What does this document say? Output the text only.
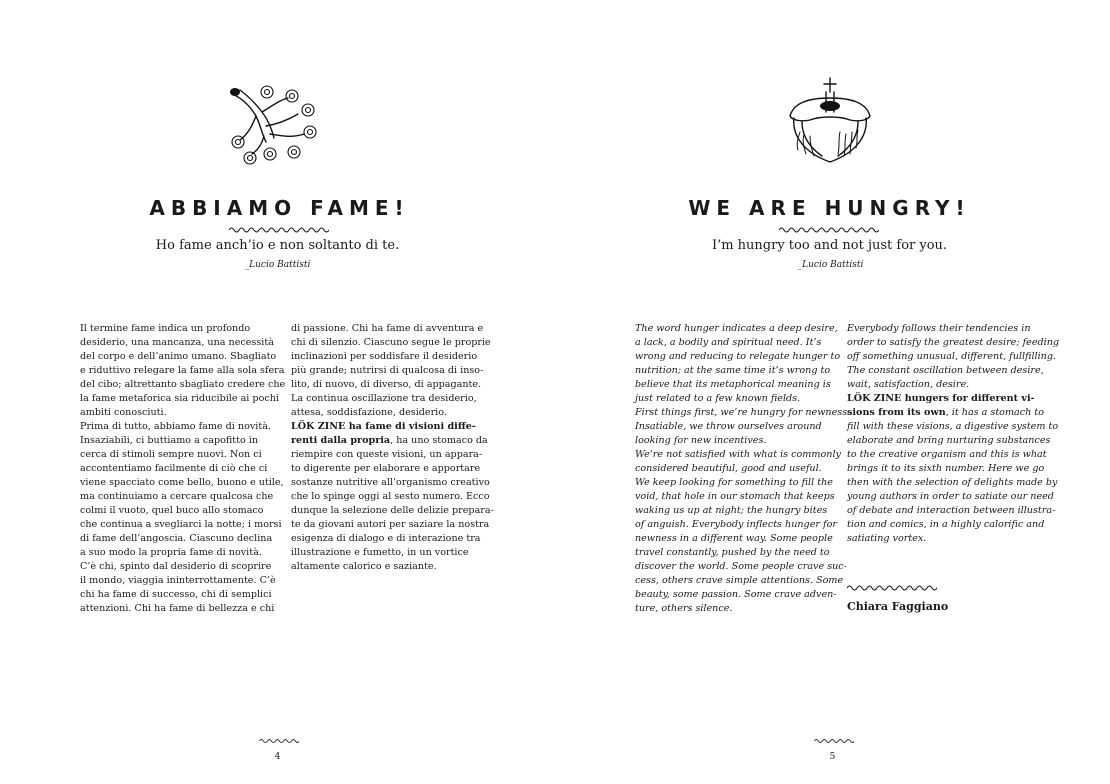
ABBIAMO FAME!
Ho fame anch’io e non soltanto di te.
_Lucio Battisti
Il termine fame indica un profondo
desiderio, una mancanza, una necessità
del corpo e dell’animo umano. Sbagliato
e riduttivo relegare la fame alla sola sfera
del cibo; altrettanto sbagliato credere che
la fame metaforica sia riducibile ai pochi
ambiti conosciuti.
Prima di tutto, abbiamo fame di novità.
Insaziabili, ci buttiamo a capofitto in
cerca di stimoli sempre nuovi. Non ci
accontentiamo facilmente di ciò che ci
viene spacciato come bello, buono e utile,
ma continuiamo a cercare qualcosa che
colmi il vuoto, quel buco allo stomaco
che continua a svegliarci la notte; i morsi
di fame dell’angoscia. Ciascuno declina
a suo modo la propria fame di novità.
C’è chi, spinto dal desiderio di scoprire
il mondo, viaggia ininterrottamente. C’è
chi ha fame di successo, chi di semplici
attenzioni. Chi ha fame di bellezza e chi
di passione. Chi ha fame di avventura e
chi di silenzio. Ciascuno segue le proprie
inclinazioni per soddisfare il desiderio
più grande; nutrirsi di qualcosa di inso-
lito, di nuovo, di diverso, di appagante.
La continua oscillazione tra desiderio,
attesa, soddisfazione, desiderio.
LÖK ZINE ha fame di visioni diffe-
renti dalla propria, ha uno stomaco da
riempire con queste visioni, un appara-
to digerente per elaborare e apportare
sostanze nutritive all’organismo creativo
che lo spinge oggi al sesto numero. Ecco
dunque la selezione delle delizie prepara-
te da giovani autori per saziare la nostra
esigenza di dialogo e di interazione tra
illustrazione e fumetto, in un vortice
altamente calorico e saziante.
4
WE ARE HUNGRY!
I’m hungry too and not just for you.
_Lucio Battisti
The word hunger indicates a deep desire,
a lack, a bodily and spiritual need. It’s
wrong and reducing to relegate hunger to
nutrition; at the same time it’s wrong to
believe that its metaphorical meaning is
just related to a few known fields.
First things first, we’re hungry for newness.
Insatiable, we throw ourselves around
looking for new incentives.
We’re not satisfied with what is commonly
considered beautiful, good and useful.
We keep looking for something to fill the
void, that hole in our stomach that keeps
waking us up at night; the hungry bites
of anguish. Everybody inflects hunger for
newness in a different way. Some people
travel constantly, pushed by the need to
discover the world. Some people crave suc-
cess, others crave simple attentions. Some
beauty, some passion. Some crave adven-
ture, others silence.
Everybody follows their tendencies in
order to satisfy the greatest desire; feeding
off something unusual, different, fullfilling.
The constant oscillation between desire,
wait, satisfaction, desire.
LÖK ZINE hungers for different vi-
sions from its own, it has a stomach to
fill with these visions, a digestive system to
elaborate and bring nurturing substances
to the creative organism and this is what
brings it to its sixth number. Here we go
then with the selection of delights made by
young authors in order to satiate our need
of debate and interaction between illustra-
tion and comics, in a highly calorific and
satiating vortex.
Chiara Faggiano
5
